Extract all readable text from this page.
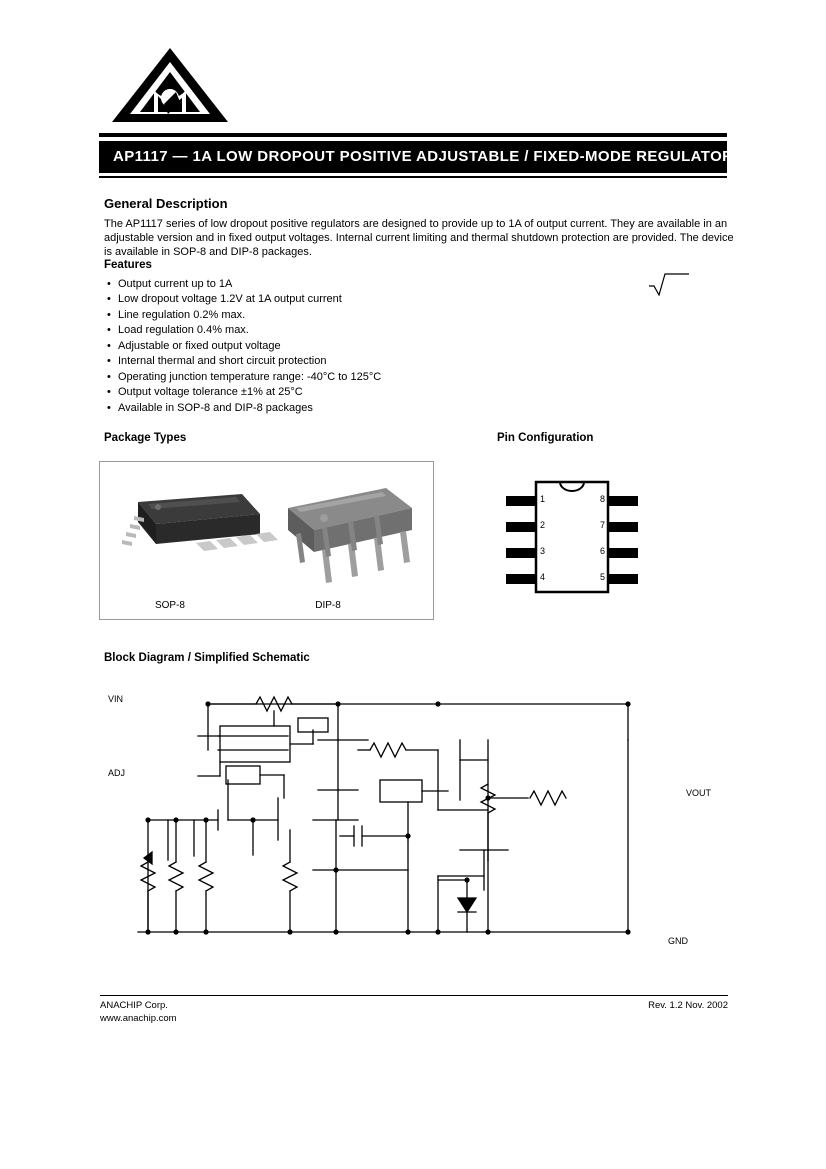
AP1117 — 1A LOW DROPOUT POSITIVE ADJUSTABLE / FIXED-MODE REGULATOR
General Description
The AP1117 series of low dropout positive regulators are designed to provide up to 1A of output current. They are available in an adjustable version and in fixed output voltages. Internal current limiting and thermal shutdown protection are provided. The device is available in SOP-8 and DIP-8 packages.
Features
• Output current up to 1A
• Low dropout voltage 1.2V at 1A output current
• Line regulation 0.2% max.
• Load regulation 0.4% max.
• Adjustable or fixed output voltage
• Internal thermal and short circuit protection
• Operating junction temperature range: -40°C to 125°C
• Output voltage tolerance ±1% at 25°C
• Available in SOP-8 and DIP-8 packages
Package Types	Pin Configuration
Block Diagram / Simplified Schematic
SOP-8	DIP-8
1
2
3
4
8
7
6
5
VIN
ADJ
VOUT
GND
ANACHIP Corp.	Rev. 1.2 Nov. 2002
www.anachip.com
